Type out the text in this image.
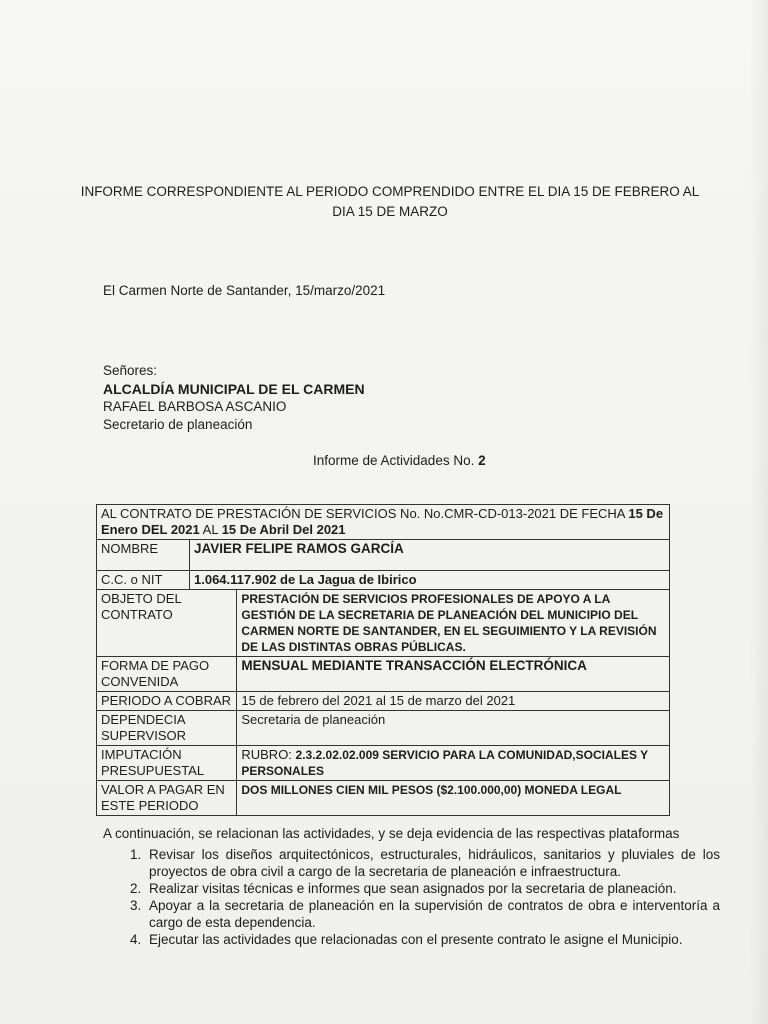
INFORME CORRESPONDIENTE AL PERIODO COMPRENDIDO ENTRE EL DIA 15 DE FEBRERO AL
DIA 15 DE MARZO
El Carmen Norte de Santander, 15/marzo/2021
Señores:
ALCALDÍA MUNICIPAL DE EL CARMEN
RAFAEL BARBOSA ASCANIO
Secretario de planeación
Informe de Actividades No. 2
AL CONTRATO DE PRESTACIÓN DE SERVICIOS No. No.CMR-CD-013-2021 DE FECHA 15 De Enero DEL 2021 AL 15 De Abril Del 2021		
NOMBRE	JAVIER FELIPE RAMOS GARCÍA	
C.C. o NIT	1.064.117.902 de La Jagua de Ibirico	
OBJETO DEL CONTRATO		PRESTACIÓN DE SERVICIOS PROFESIONALES DE APOYO A LA GESTIÓN DE LA SECRETARIA DE PLANEACIÓN DEL MUNICIPIO DEL CARMEN NORTE DE SANTANDER, EN EL SEGUIMIENTO Y LA REVISIÓN DE LAS DISTINTAS OBRAS PÚBLICAS.
FORMA DE PAGO CONVENIDA		MENSUAL MEDIANTE TRANSACCIÓN ELECTRÓNICA
PERIODO A COBRAR		15 de febrero del 2021 al 15 de marzo del 2021
DEPENDECIA SUPERVISOR		Secretaria de planeación
IMPUTACIÓN PRESUPUESTAL		RUBRO: 2.3.2.02.02.009 SERVICIO PARA LA COMUNIDAD,SOCIALES Y PERSONALES
VALOR A PAGAR EN ESTE PERIODO		DOS MILLONES CIEN MIL PESOS ($2.100.000,00) MONEDA LEGAL
A continuación, se relacionan las actividades, y se deja evidencia de las respectivas plataformas
1. Revisar los diseños arquitectónicos, estructurales, hidráulicos, sanitarios y pluviales de los proyectos de obra civil a cargo de la secretaria de planeación e infraestructura.
2. Realizar visitas técnicas e informes que sean asignados por la secretaria de planeación.
3. Apoyar a la secretaria de planeación en la supervisión de contratos de obra e interventoría a cargo de esta dependencia.
4. Ejecutar las actividades que relacionadas con el presente contrato le asigne el Municipio.
